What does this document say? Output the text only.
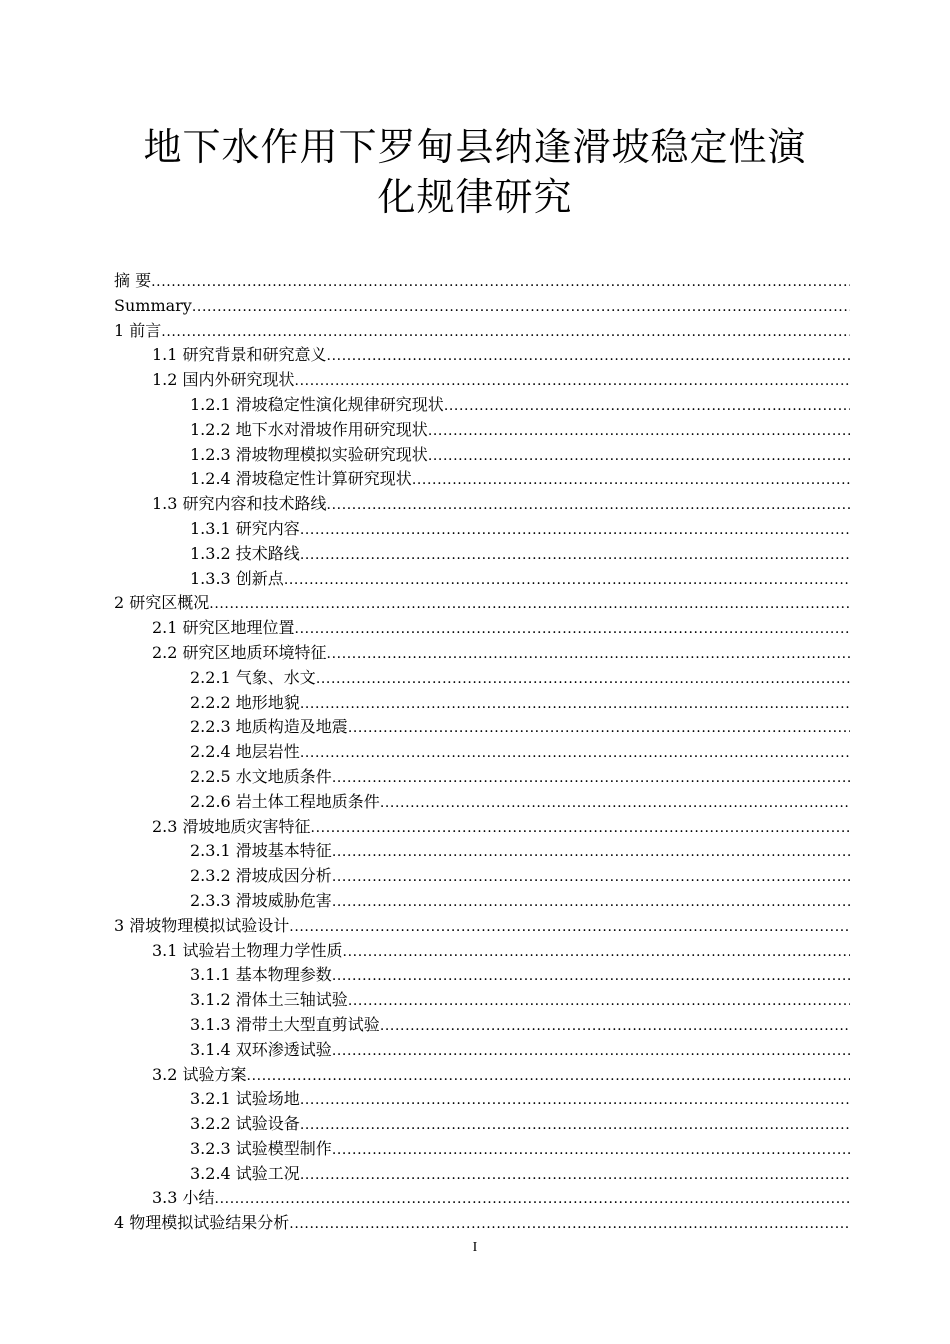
地下水作用下罗甸县纳逢滑坡稳定性演
化规律研究
摘 要
.....
Summary
.....
1 前言
.....
1.1 研究背景和研究意义
.....
1.2 国内外研究现状
.....
1.2.1 滑坡稳定性演化规律研究现状
.....
1.2.2 地下水对滑坡作用研究现状
.....
1.2.3 滑坡物理模拟实验研究现状
.....
1.2.4 滑坡稳定性计算研究现状
.....
1.3 研究内容和技术路线
.....
1.3.1 研究内容
.....
1.3.2 技术路线
.....
1.3.3 创新点
.....
2 研究区概况
.....
2.1 研究区地理位置
.....
2.2 研究区地质环境特征
.....
2.2.1 气象、水文
.....
2.2.2 地形地貌
.....
2.2.3 地质构造及地震
.....
2.2.4 地层岩性
.....
2.2.5 水文地质条件
.....
2.2.6 岩土体工程地质条件
.....
2.3 滑坡地质灾害特征
.....
2.3.1 滑坡基本特征
.....
2.3.2 滑坡成因分析
.....
2.3.3 滑坡威胁危害
.....
3 滑坡物理模拟试验设计
.....
3.1 试验岩土物理力学性质
.....
3.1.1 基本物理参数
.....
3.1.2 滑体土三轴试验
.....
3.1.3 滑带土大型直剪试验
.....
3.1.4 双环渗透试验
.....
3.2 试验方案
.....
3.2.1 试验场地
.....
3.2.2 试验设备
.....
3.2.3 试验模型制作
.....
3.2.4 试验工况
.....
3.3 小结
.....
4 物理模拟试验结果分析
.....
I
